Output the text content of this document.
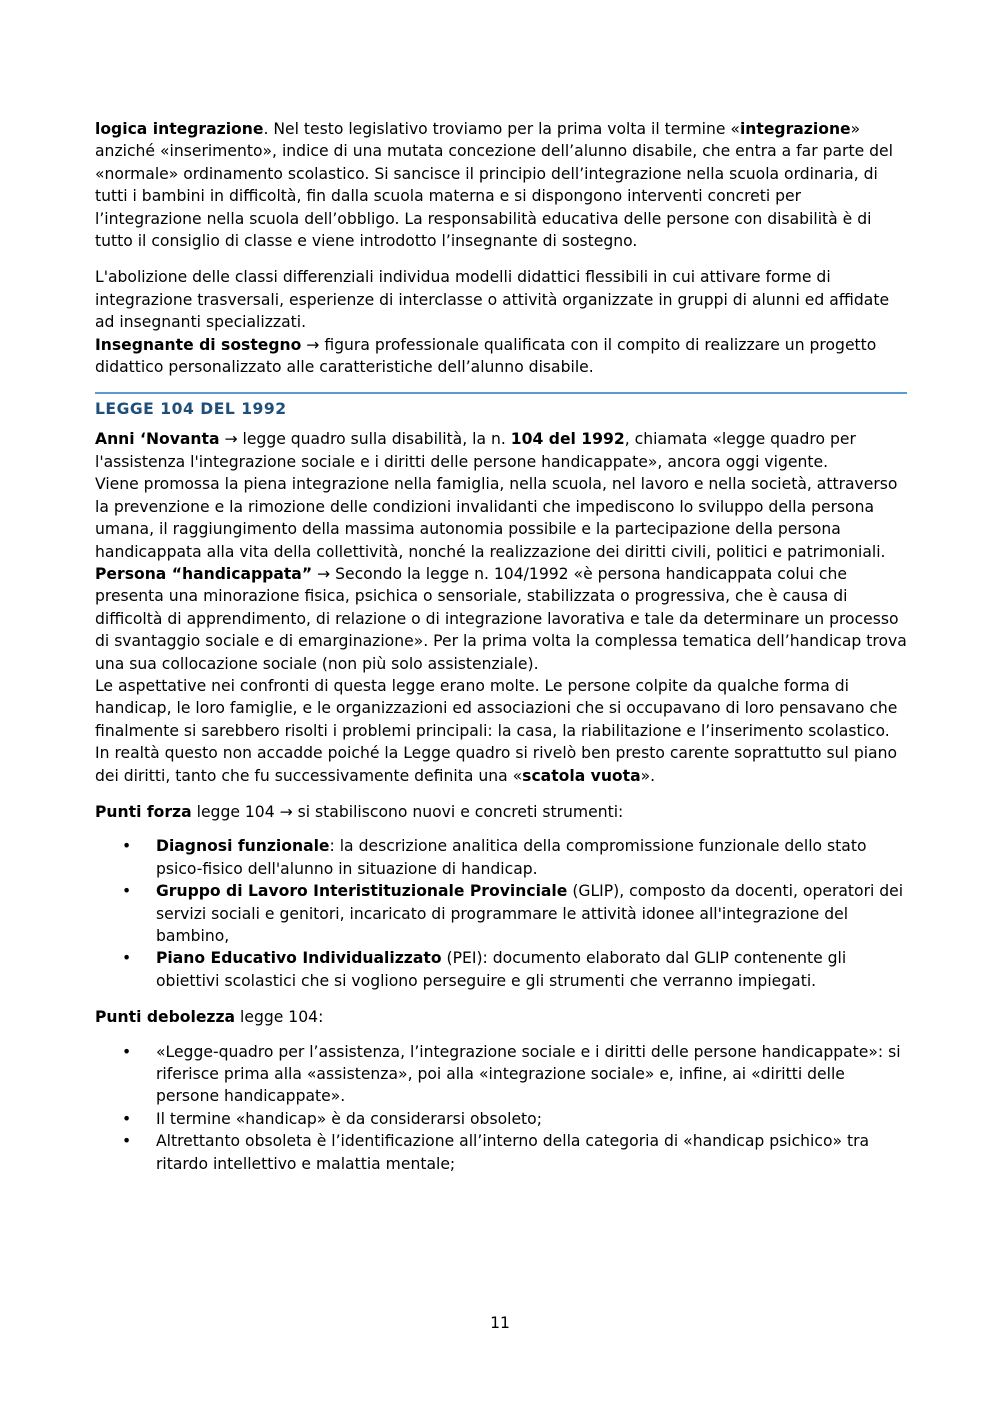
logica integrazione. Nel testo legislativo troviamo per la prima volta il termine «integrazione» anziché «inserimento», indice di una mutata concezione dell’alunno disabile, che entra a far parte del «normale» ordinamento scolastico. Si sancisce il principio dell’integrazione nella scuola ordinaria, di tutti i bambini in difficoltà, fin dalla scuola materna e si dispongono interventi concreti per l’integrazione nella scuola dell’obbligo. La responsabilità educativa delle persone con disabilità è di tutto il consiglio di classe e viene introdotto l’insegnante di sostegno.

L'abolizione delle classi differenziali individua modelli didattici flessibili in cui attivare forme di integrazione trasversali, esperienze di interclasse o attività organizzate in gruppi di alunni ed affidate ad insegnanti specializzati.

Insegnante di sostegno → figura professionale qualificata con il compito di realizzare un progetto didattico personalizzato alle caratteristiche dell’alunno disabile.

LEGGE 104 DEL 1992

Anni ‘Novanta → legge quadro sulla disabilità, la n. 104 del 1992, chiamata «legge quadro per l'assistenza l'integrazione sociale e i diritti delle persone handicappate», ancora oggi vigente.

Viene promossa la piena integrazione nella famiglia, nella scuola, nel lavoro e nella società, attraverso la prevenzione e la rimozione delle condizioni invalidanti che impediscono lo sviluppo della persona umana, il raggiungimento della massima autonomia possibile e la partecipazione della persona handicappata alla vita della collettività, nonché la realizzazione dei diritti civili, politici e patrimoniali.

Persona “handicappata” → Secondo la legge n. 104/1992 «è persona handicappata colui che presenta una minorazione fisica, psichica o sensoriale, stabilizzata o progressiva, che è causa di difficoltà di apprendimento, di relazione o di integrazione lavorativa e tale da determinare un processo di svantaggio sociale e di emarginazione». Per la prima volta la complessa tematica dell’handicap trova una sua collocazione sociale (non più solo assistenziale).

Le aspettative nei confronti di questa legge erano molte. Le persone colpite da qualche forma di handicap, le loro famiglie, e le organizzazioni ed associazioni che si occupavano di loro pensavano che finalmente si sarebbero risolti i problemi principali: la casa, la riabilitazione e l’inserimento scolastico. In realtà questo non accadde poiché la Legge quadro si rivelò ben presto carente soprattutto sul piano dei diritti, tanto che fu successivamente definita una «scatola vuota».

Punti forza legge 104 → si stabiliscono nuovi e concreti strumenti:

• Diagnosi funzionale: la descrizione analitica della compromissione funzionale dello stato psico-fisico dell'alunno in situazione di handicap.
• Gruppo di Lavoro Interistituzionale Provinciale (GLIP), composto da docenti, operatori dei servizi sociali e genitori, incaricato di programmare le attività idonee all'integrazione del bambino,
• Piano Educativo Individualizzato (PEI): documento elaborato dal GLIP contenente gli obiettivi scolastici che si vogliono perseguire e gli strumenti che verranno impiegati.

Punti debolezza legge 104:

• «Legge-quadro per l’assistenza, l’integrazione sociale e i diritti delle persone handicappate»: si riferisce prima alla «assistenza», poi alla «integrazione sociale» e, infine, ai «diritti delle persone handicappate».
• Il termine «handicap» è da considerarsi obsoleto;
• Altrettanto obsoleta è l’identificazione all’interno della categoria di «handicap psichico» tra ritardo intellettivo e malattia mentale;
11
